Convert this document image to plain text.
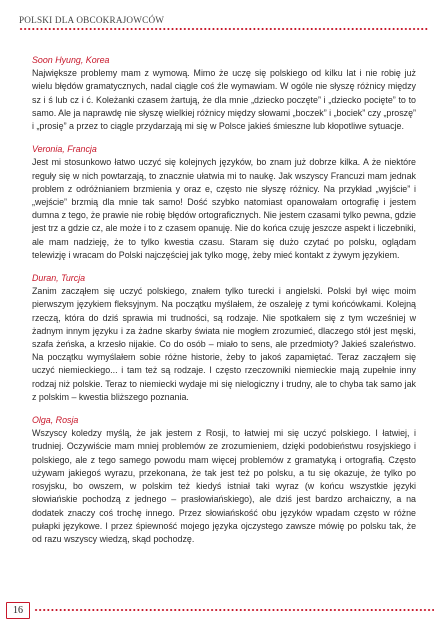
POLSKI DLA OBCOKRAJOWCÓW
Soon Hyung, Korea

Największe problemy mam z wymową. Mimo że uczę się polskiego od kilku lat i nie robię już wielu błędów gramatycznych, nadal ciągle coś źle wymawiam. W ogóle nie słyszę różnicy między sz i ś lub cz i ć. Koleżanki czasem żartują, że dla mnie „dziecko poczęte” i „dziecko pocięte” to to samo. Ale ja naprawdę nie słyszę wielkiej różnicy między słowami „boczek” i „bociek” czy „proszę” i „prosię” a przez to ciągle przydarzają mi się w Polsce jakieś śmieszne lub kłopotliwe sytuacje.

Veronia, Francja

Jest mi stosunkowo łatwo uczyć się kolejnych języków, bo znam już dobrze kilka. A że niektóre reguły się w nich powtarzają, to znacznie ułatwia mi to naukę. Jak wszyscy Francuzi mam jednak problem z odróżnianiem brzmienia y oraz e, często nie słyszę różnicy. Na przykład „wyjście” i „wejście” brzmią dla mnie tak samo! Dość szybko natomiast opanowałam ortografię i jestem dumna z tego, że prawie nie robię błędów ortograficznych. Nie jestem czasami tylko pewna, gdzie jest trz a gdzie cz, ale może i to z czasem opanuję. Nie do końca czuję jeszcze aspekt i liczebniki, ale mam nadzieję, że to tylko kwestia czasu. Staram się dużo czytać po polsku, oglądam telewizję i wracam do Polski najczęściej jak tylko mogę, żeby mieć kontakt z żywym językiem.

Duran, Turcja

Zanim zacząłem się uczyć polskiego, znałem tylko turecki i angielski. Polski był więc moim pierwszym językiem fleksyjnym. Na początku myślałem, że oszaleję z tymi końcówkami. Kolejną rzeczą, która do dziś sprawia mi trudności, są rodzaje. Nie spotkałem się z tym wcześniej w żadnym innym języku i za żadne skarby świata nie mogłem zrozumieć, dlaczego stół jest męski, szafa żeńska, a krzesło nijakie. Co do osób – miało to sens, ale przedmioty? Jakieś szaleństwo. Na początku wymyślałem sobie różne historie, żeby to jakoś zapamiętać. Teraz zacząłem się uczyć niemieckiego... i tam też są rodzaje. I często rzeczowniki niemieckie mają zupełnie inny rodzaj niż polskie. Teraz to niemiecki wydaje mi się nielogiczny i trudny, ale to chyba tak samo jak z polskim – kwestia bliższego poznania.

Olga, Rosja

Wszyscy koledzy myślą, że jak jestem z Rosji, to łatwiej mi się uczyć polskiego. I łatwiej, i trudniej. Oczywiście mam mniej problemów ze zrozumieniem, dzięki podobieństwu rosyjskiego i polskiego, ale z tego samego powodu mam więcej problemów z gramatyką i ortografią. Często używam jakiegoś wyrazu, przekonana, że tak jest też po polsku, a tu się okazuje, że tylko po rosyjsku, bo owszem, w polskim też kiedyś istniał taki wyraz (w końcu wszystkie języki słowiańskie pochodzą z jednego – prasłowiańskiego), ale dziś jest bardzo archaiczny, a na dodatek znaczy coś trochę innego. Przez słowiańskość obu języków wpadam często w różne pułapki językowe. I przez śpiewność mojego języka ojczystego zawsze mówię po polsku tak, że od razu wszyscy wiedzą, skąd pochodzę.

16
